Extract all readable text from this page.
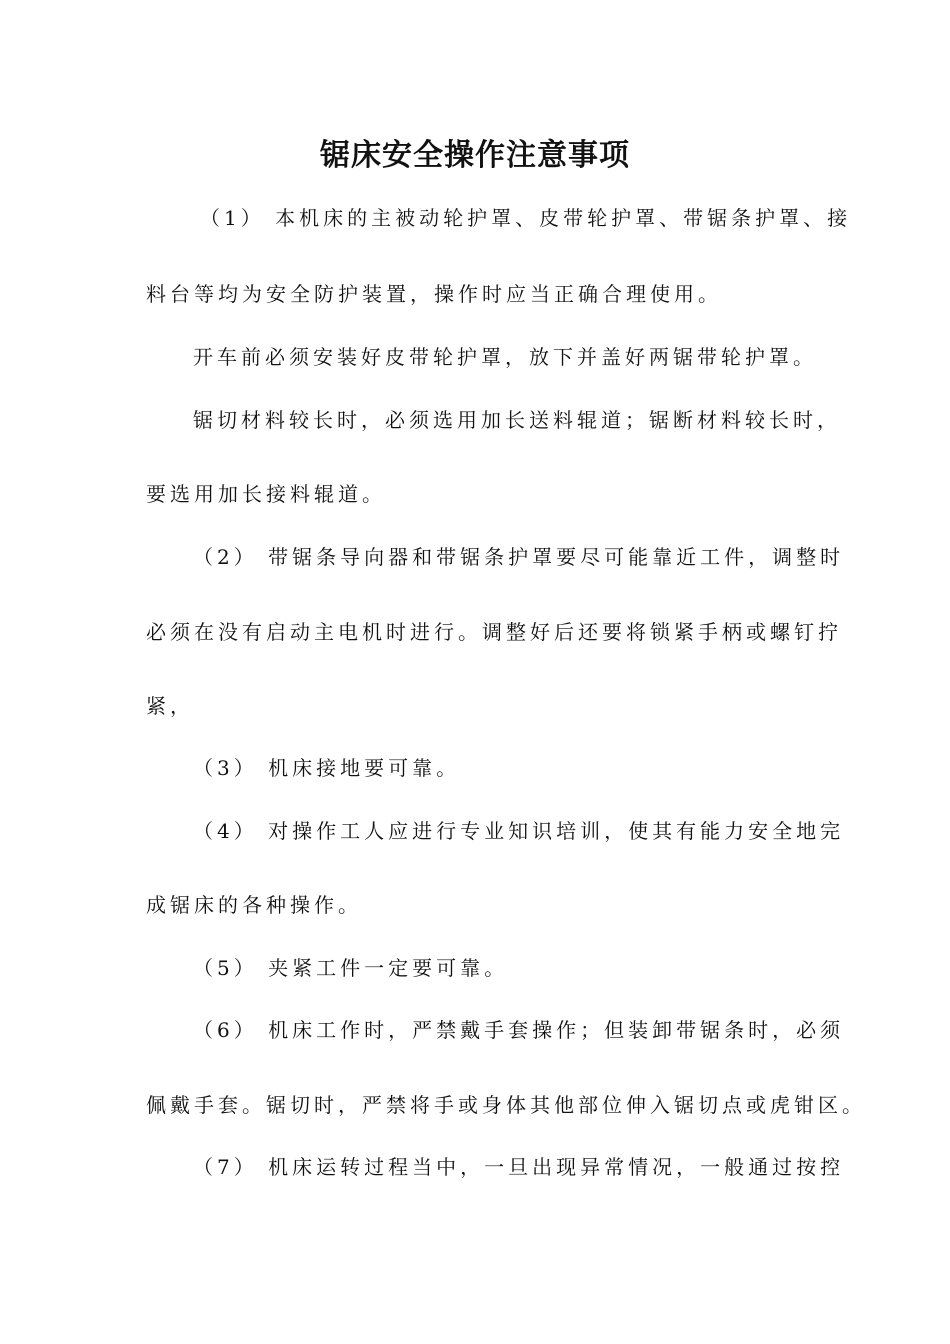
锯床安全操作注意事项
（1） 本机床的主被动轮护罩、皮带轮护罩、带锯条护罩、接
料台等均为安全防护装置，操作时应当正确合理使用。
开车前必须安装好皮带轮护罩，放下并盖好两锯带轮护罩。
锯切材料较长时，必须选用加长送料辊道；锯断材料较长时，
要选用加长接料辊道。
（2） 带锯条导向器和带锯条护罩要尽可能靠近工件，调整时
必须在没有启动主电机时进行。调整好后还要将锁紧手柄或螺钉拧
紧，
（3） 机床接地要可靠。
（4） 对操作工人应进行专业知识培训，使其有能力安全地完
成锯床的各种操作。
（5） 夹紧工件一定要可靠。
（6） 机床工作时，严禁戴手套操作；但装卸带锯条时，必须
佩戴手套。锯切时，严禁将手或身体其他部位伸入锯切点或虎钳区。
（7） 机床运转过程当中，一旦出现异常情况，一般通过按控
